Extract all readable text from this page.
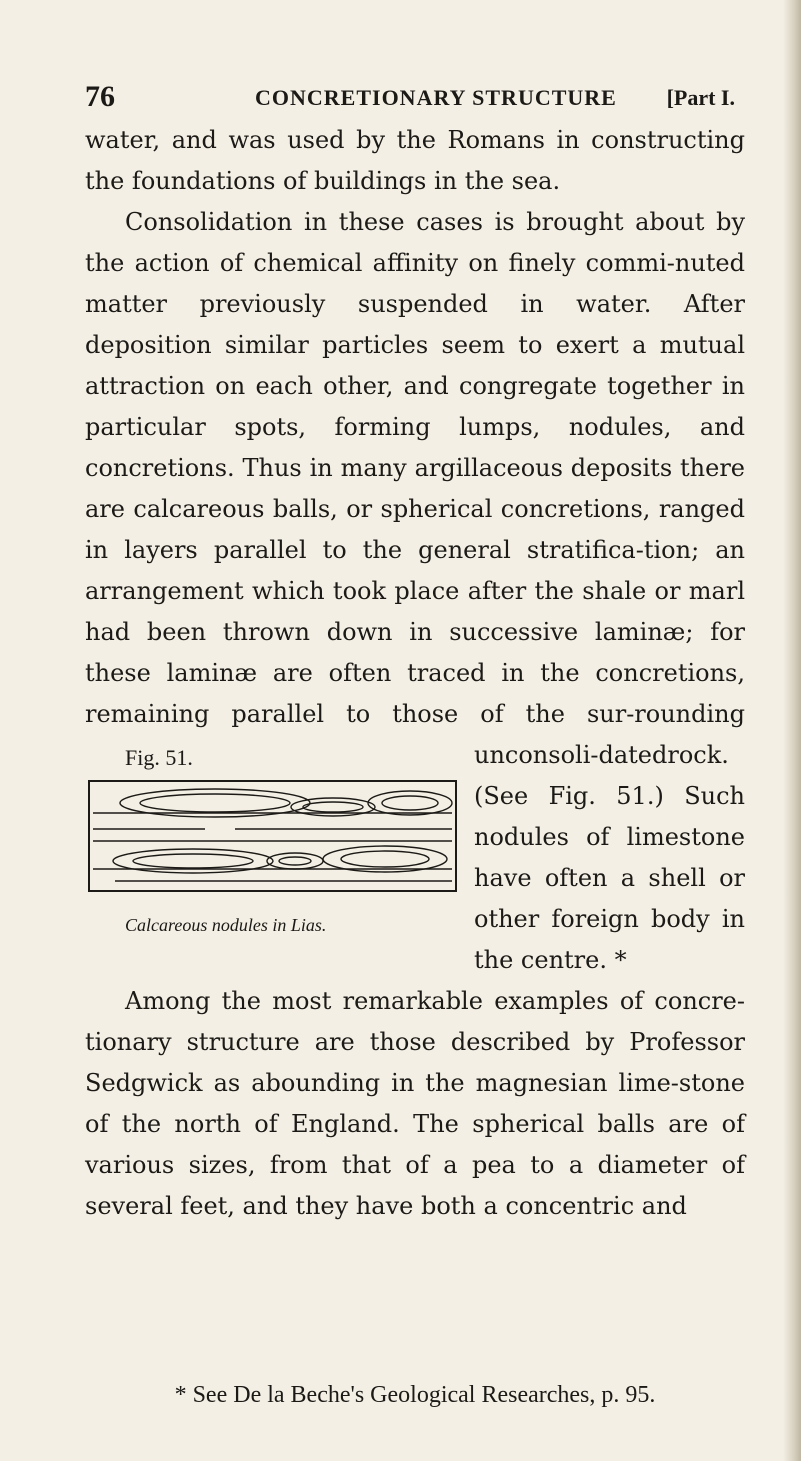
76	CONCRETIONARY STRUCTURE [Part I.

water, and was used by the Romans in constructing the foundations of buildings in the sea.

Consolidation in these cases is brought about by the action of chemical affinity on finely commi-nuted matter previously suspended in water. After deposition similar particles seem to exert a mutual attraction on each other, and congregate together in particular spots, forming lumps, nodules, and concretions. Thus in many argillaceous deposits there are calcareous balls, or spherical concretions, ranged in layers parallel to the general stratifica-tion; an arrangement which took place after the shale or marl had been thrown down in successive laminæ; for these laminæ are often traced in the concretions, remaining parallel to those of the sur-
Fig. 51.
Calcareous nodules in Lias.
rounding unconsoli-datedrock. (See Fig. 51.) Such nodules of limestone have often a shell or other foreign body in the centre. *

Among the most remarkable examples of concre-tionary structure are those described by Professor Sedgwick as abounding in the magnesian lime-stone of the north of England. The spherical balls are of various sizes, from that of a pea to a diameter of several feet, and they have both a concentric and

* See De la Beche's Geological Researches, p. 95.
